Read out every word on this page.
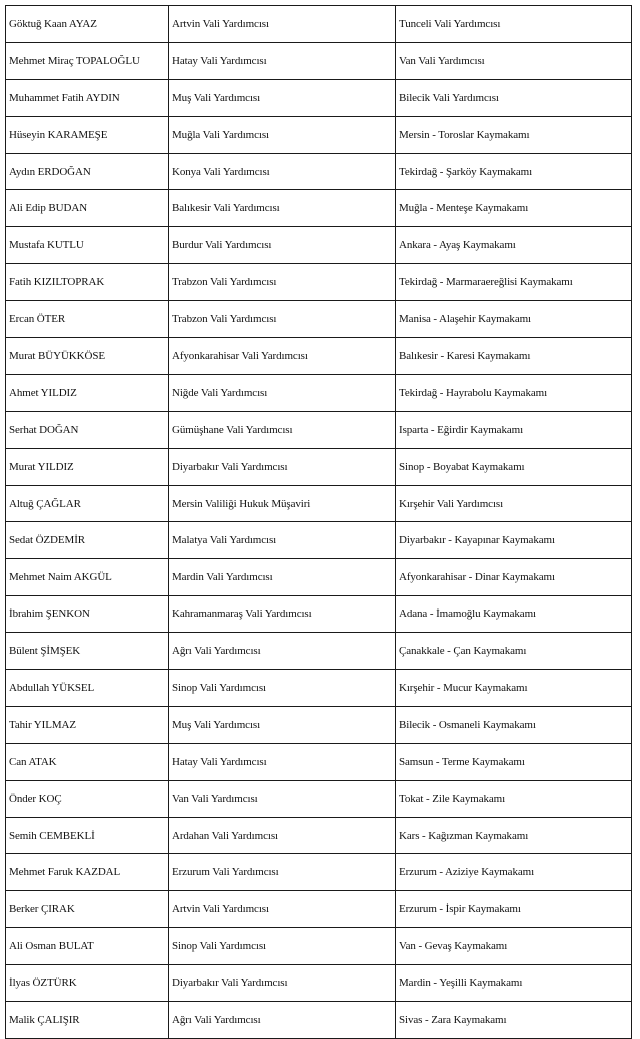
Göktuğ Kaan AYAZ	Artvin Vali Yardımcısı	Tunceli Vali Yardımcısı
Mehmet Miraç TOPALOĞLU	Hatay Vali Yardımcısı	Van Vali Yardımcısı
Muhammet Fatih AYDIN	Muş Vali Yardımcısı	Bilecik Vali Yardımcısı
Hüseyin KARAMEŞE	Muğla Vali Yardımcısı	Mersin - Toroslar Kaymakamı
Aydın ERDOĞAN	Konya Vali Yardımcısı	Tekirdağ - Şarköy Kaymakamı
Ali Edip BUDAN	Balıkesir Vali Yardımcısı	Muğla - Menteşe Kaymakamı
Mustafa KUTLU	Burdur Vali Yardımcısı	Ankara - Ayaş Kaymakamı
Fatih KIZILTOPRAK	Trabzon Vali Yardımcısı	Tekirdağ - Marmaraereğlisi Kaymakamı
Ercan ÖTER	Trabzon Vali Yardımcısı	Manisa - Alaşehir Kaymakamı
Murat BÜYÜKKÖSE	Afyonkarahisar Vali Yardımcısı	Balıkesir - Karesi Kaymakamı
Ahmet YILDIZ	Niğde Vali Yardımcısı	Tekirdağ - Hayrabolu Kaymakamı
Serhat DOĞAN	Gümüşhane Vali Yardımcısı	Isparta - Eğirdir Kaymakamı
Murat YILDIZ	Diyarbakır Vali Yardımcısı	Sinop - Boyabat Kaymakamı
Altuğ ÇAĞLAR	Mersin Valiliği Hukuk Müşaviri	Kırşehir Vali Yardımcısı
Sedat ÖZDEMİR	Malatya Vali Yardımcısı	Diyarbakır - Kayapınar Kaymakamı
Mehmet Naim AKGÜL	Mardin Vali Yardımcısı	Afyonkarahisar - Dinar Kaymakamı
İbrahim ŞENKON	Kahramanmaraş Vali Yardımcısı	Adana - İmamoğlu Kaymakamı
Bülent ŞİMŞEK	Ağrı Vali Yardımcısı	Çanakkale - Çan Kaymakamı
Abdullah YÜKSEL	Sinop Vali Yardımcısı	Kırşehir - Mucur Kaymakamı
Tahir YILMAZ	Muş Vali Yardımcısı	Bilecik - Osmaneli Kaymakamı
Can ATAK	Hatay Vali Yardımcısı	Samsun - Terme Kaymakamı
Önder KOÇ	Van Vali Yardımcısı	Tokat - Zile Kaymakamı
Semih CEMBEKLİ	Ardahan Vali Yardımcısı	Kars - Kağızman Kaymakamı
Mehmet Faruk KAZDAL	Erzurum Vali Yardımcısı	Erzurum - Aziziye Kaymakamı
Berker ÇIRAK	Artvin Vali Yardımcısı	Erzurum - İspir Kaymakamı
Ali Osman BULAT	Sinop Vali Yardımcısı	Van - Gevaş Kaymakamı
İlyas ÖZTÜRK	Diyarbakır Vali Yardımcısı	Mardin - Yeşilli Kaymakamı
Malik ÇALIŞIR	Ağrı Vali Yardımcısı	Sivas - Zara Kaymakamı
